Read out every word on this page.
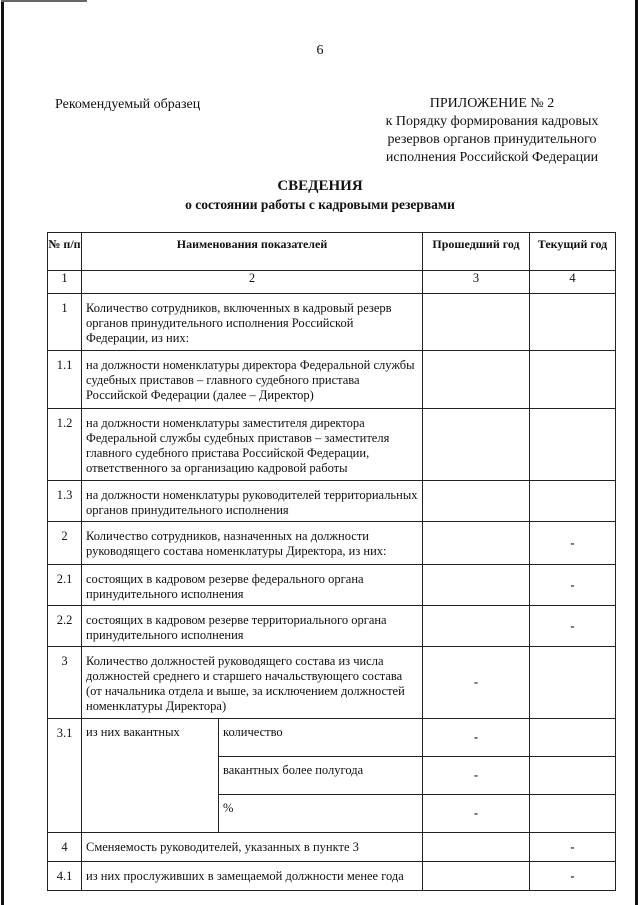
6
Рекомендуемый образец	ПРИЛОЖЕНИЕ № 2
к Порядку формирования кадровых
резервов органов принудительного
исполнения Российской Федерации
СВЕДЕНИЯ
о состоянии работы с кадровыми резервами
№ п/п	Наименования показателей		Прошедший год	Текущий год
1	2		3	4
1	Количество сотрудников, включенных в кадровый резерв органов принудительного исполнения Российской Федерации, из них:			
1.1	на должности номенклатуры директора Федеральной службы судебных приставов – главного судебного пристава Российской Федерации (далее – Директор)			
1.2	на должности номенклатуры заместителя директора Федеральной службы судебных приставов – заместителя главного судебного пристава Российской Федерации, ответственного за организацию кадровой работы			
1.3	на должности номенклатуры руководителей территориальных органов принудительного исполнения			
2	Количество сотрудников, назначенных на должности руководящего состава номенклатуры Директора, из них:			-
2.1	состоящих в кадровом резерве федерального органа принудительного исполнения			-
2.2	состоящих в кадровом резерве территориального органа принудительного исполнения			-
3	Количество должностей руководящего состава из числа должностей среднего и старшего начальствующего состава (от начальника отдела и выше, за исключением должностей номенклатуры Директора)		-	
3.1	из них вакантных	количество	-	
		вакантных более полугода	-	
		%	-	
4	Сменяемость руководителей, указанных в пункте 3			-
4.1	из них прослуживших в замещаемой должности менее года			-
